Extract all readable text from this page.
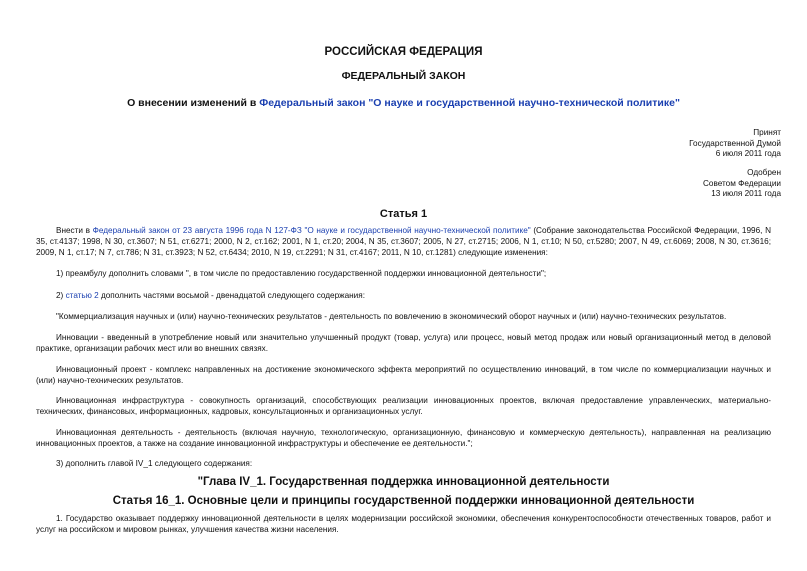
РОССИЙСКАЯ ФЕДЕРАЦИЯ
ФЕДЕРАЛЬНЫЙ ЗАКОН
О внесении изменений в Федеральный закон "О науке и государственной научно-технической политике"
Принят
Государственной Думой
6 июля 2011 года
Одобрен
Советом Федерации
13 июля 2011 года
Статья 1
Внести в Федеральный закон от 23 августа 1996 года N 127-ФЗ "О науке и государственной научно-технической политике" (Собрание законодательства Российской Федерации, 1996, N 35, ст.4137; 1998, N 30, ст.3607; N 51, ст.6271; 2000, N 2, ст.162; 2001, N 1, ст.20; 2004, N 35, ст.3607; 2005, N 27, ст.2715; 2006, N 1, ст.10; N 50, ст.5280; 2007, N 49, ст.6069; 2008, N 30, ст.3616; 2009, N 1, ст.17; N 7, ст.786; N 31, ст.3923; N 52, ст.6434; 2010, N 19, ст.2291; N 31, ст.4167; 2011, N 10, ст.1281) следующие изменения:
1) преамбулу дополнить словами ", в том числе по предоставлению государственной поддержки инновационной деятельности";
2) статью 2 дополнить частями восьмой - двенадцатой следующего содержания:
"Коммерциализация научных и (или) научно-технических результатов - деятельность по вовлечению в экономический оборот научных и (или) научно-технических результатов.
Инновации - введенный в употребление новый или значительно улучшенный продукт (товар, услуга) или процесс, новый метод продаж или новый организационный метод в деловой практике, организации рабочих мест или во внешних связях.
Инновационный проект - комплекс направленных на достижение экономического эффекта мероприятий по осуществлению инноваций, в том числе по коммерциализации научных и (или) научно-технических результатов.
Инновационная инфраструктура - совокупность организаций, способствующих реализации инновационных проектов, включая предоставление управленческих, материально-технических, финансовых, информационных, кадровых, консультационных и организационных услуг.
Инновационная деятельность - деятельность (включая научную, технологическую, организационную, финансовую и коммерческую деятельность), направленная на реализацию инновационных проектов, а также на создание инновационной инфраструктуры и обеспечение ее деятельности.";
3) дополнить главой IV_1 следующего содержания:
"Глава IV_1. Государственная поддержка инновационной деятельности
Статья 16_1. Основные цели и принципы государственной поддержки инновационной деятельности
1. Государство оказывает поддержку инновационной деятельности в целях модернизации российской экономики, обеспечения конкурентоспособности отечественных товаров, работ и услуг на российском и мировом рынках, улучшения качества жизни населения.
